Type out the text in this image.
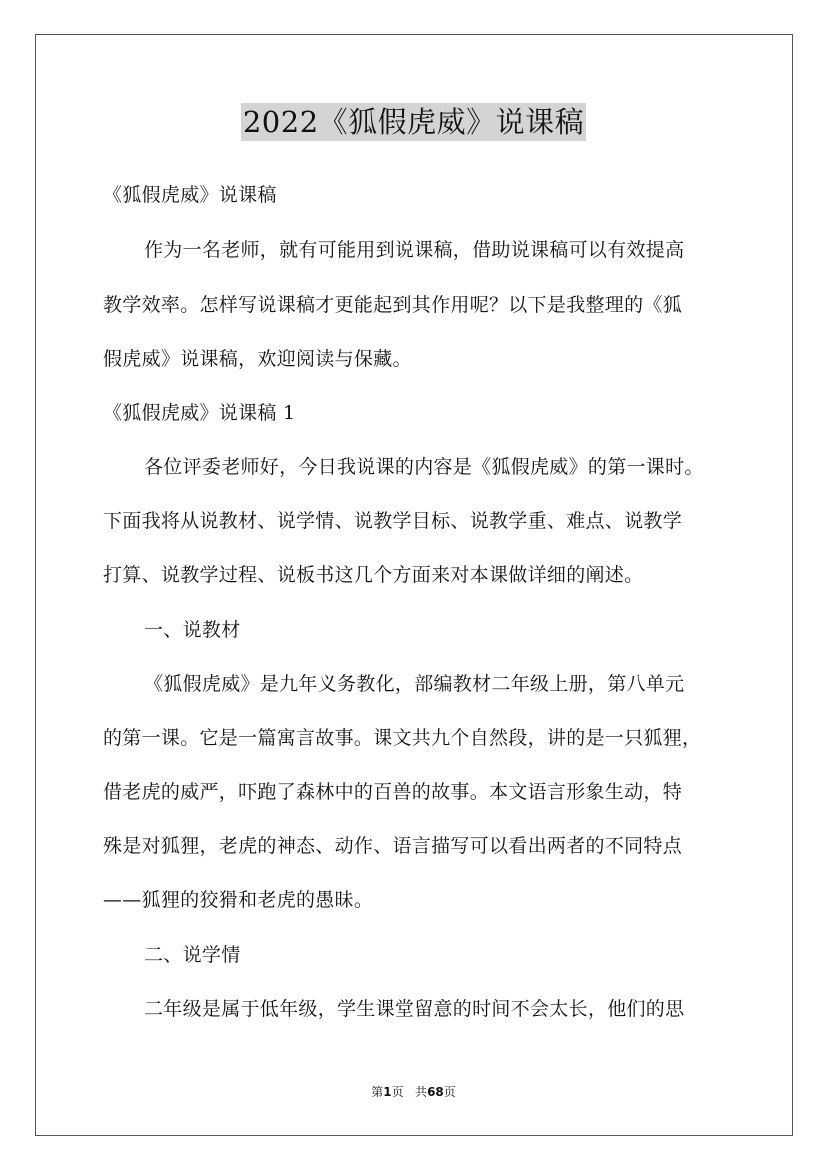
2022《狐假虎威》说课稿
《狐假虎威》说课稿
作为一名老师，就有可能用到说课稿，借助说课稿可以有效提高
教学效率。怎样写说课稿才更能起到其作用呢？以下是我整理的《狐
假虎威》说课稿，欢迎阅读与保藏。
《狐假虎威》说课稿 1
各位评委老师好，今日我说课的内容是《狐假虎威》的第一课时。
下面我将从说教材、说学情、说教学目标、说教学重、难点、说教学
打算、说教学过程、说板书这几个方面来对本课做详细的阐述。
一、说教材
《狐假虎威》是九年义务教化，部编教材二年级上册，第八单元
的第一课。它是一篇寓言故事。课文共九个自然段，讲的是一只狐狸，
借老虎的威严，吓跑了森林中的百兽的故事。本文语言形象生动，特
殊是对狐狸，老虎的神态、动作、语言描写可以看出两者的不同特点
——狐狸的狡猾和老虎的愚昧。
二、说学情
二年级是属于低年级，学生课堂留意的时间不会太长，他们的思
第1页 共68页
